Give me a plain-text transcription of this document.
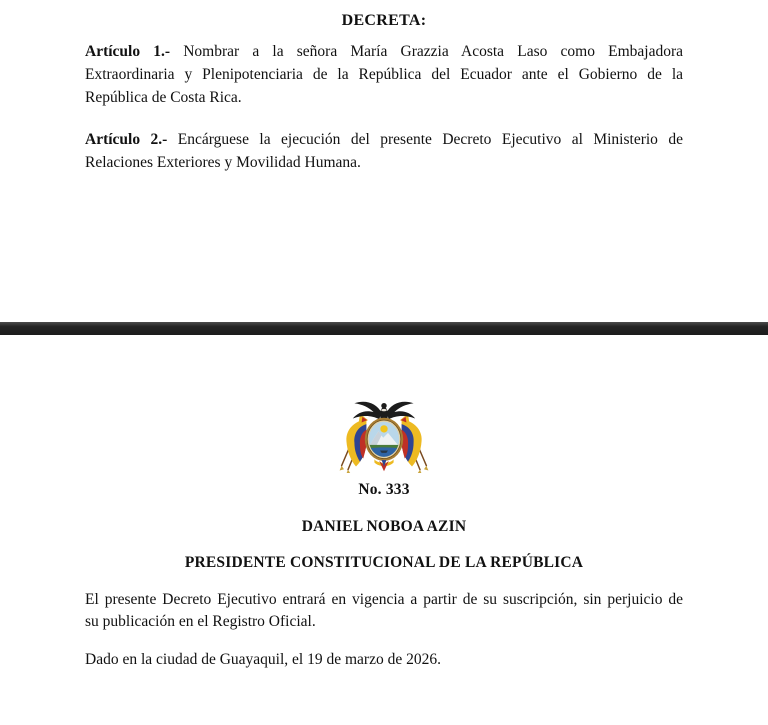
DECRETA:
Artículo 1.- Nombrar a la señora María Grazzia Acosta Laso como Embajadora
Extraordinaria y Plenipotenciaria de la República del Ecuador ante el Gobierno de la
República de Costa Rica.
Artículo 2.- Encárguese la ejecución del presente Decreto Ejecutivo al Ministerio de
Relaciones Exteriores y Movilidad Humana.
No. 333
DANIEL NOBOA AZIN
PRESIDENTE CONSTITUCIONAL DE LA REPÚBLICA
El presente Decreto Ejecutivo entrará en vigencia a partir de su suscripción, sin perjuicio de
su publicación en el Registro Oficial.
Dado en la ciudad de Guayaquil, el 19 de marzo de 2026.
